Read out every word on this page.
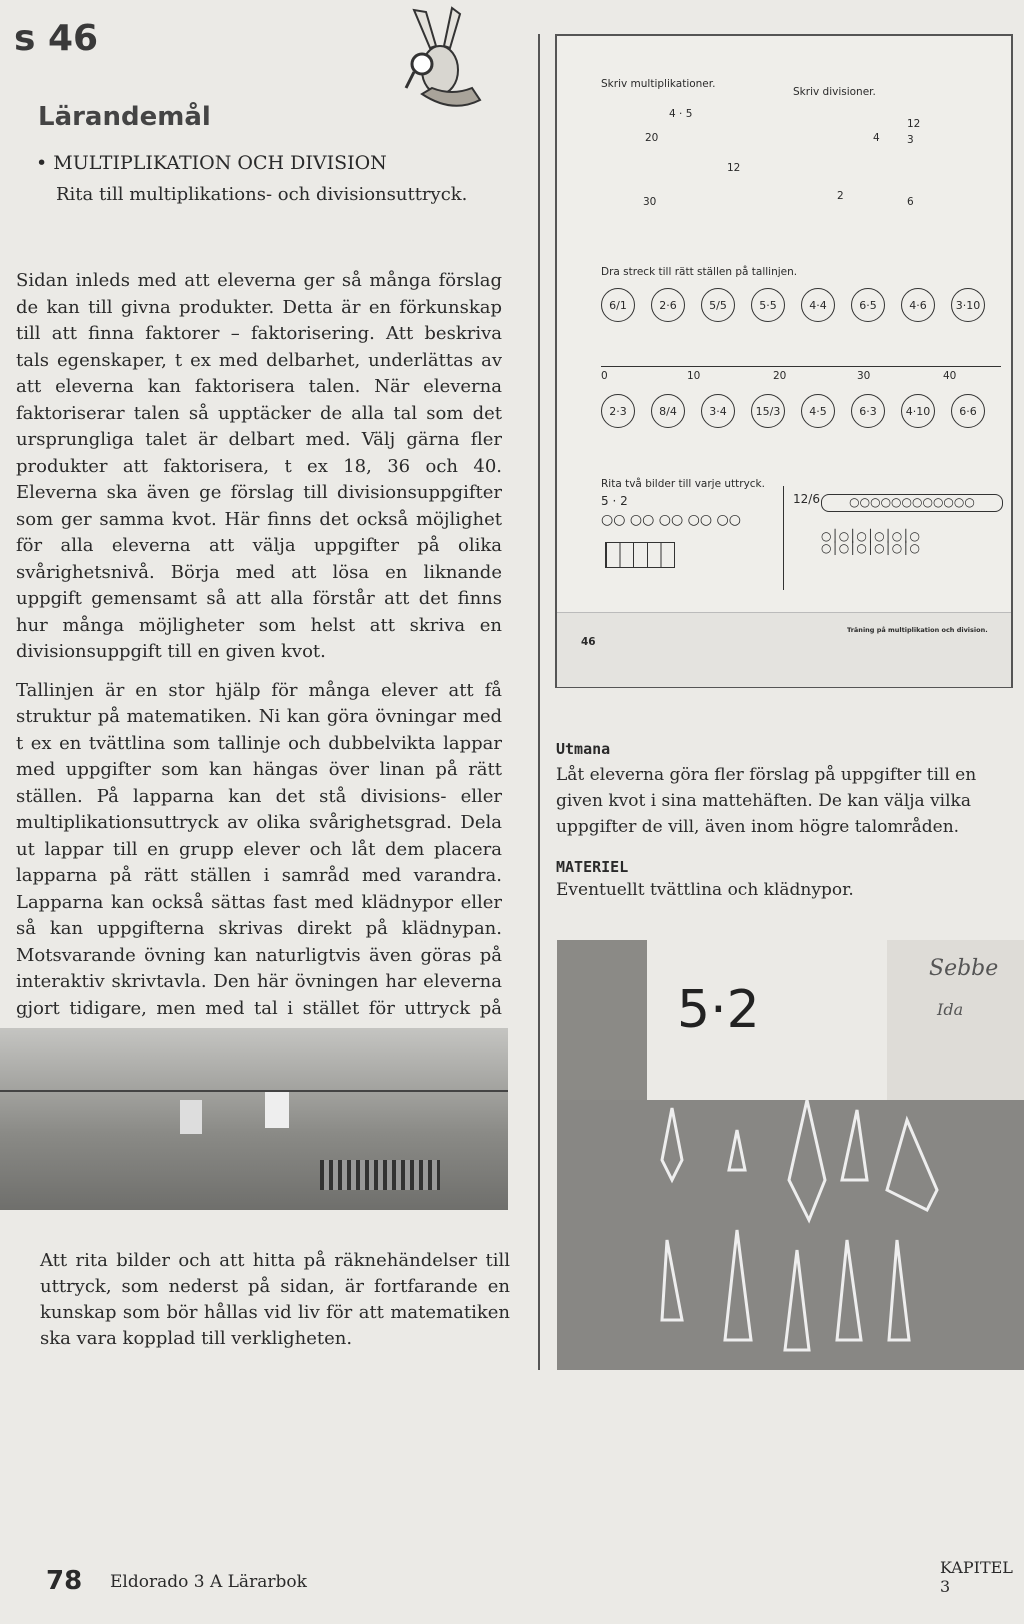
s 46
Lärandemål
• MULTIPLIKATION OCH DIVISION
Rita till multiplikations- och divisionsuttryck.

Sidan inleds med att eleverna ger så många förslag de kan till givna produkter. Detta är en förkunskap till att finna faktorer – faktorisering. Att beskriva tals egenskaper, t ex med delbarhet, underlättas av att eleverna kan faktorisera talen. När eleverna faktoriserar talen så upptäcker de alla tal som det ursprungliga talet är delbart med. Välj gärna fler produkter att faktorisera, t ex 18, 36 och 40. Eleverna ska även ge förslag till divisionsuppgifter som ger samma kvot. Här finns det också möjlighet för alla eleverna att välja uppgifter på olika svårighetsnivå. Börja med att lösa en liknande uppgift gemensamt så att alla förstår att det finns hur många möjligheter som helst att skriva en divisionsuppgift till en given kvot.

Tallinjen är en stor hjälp för många elever att få struktur på matematiken. Ni kan göra övningar med t ex en tvättlina som tallinje och dubbelvikta lappar med uppgifter som kan hängas över linan på rätt ställen. På lapparna kan det stå divisions- eller multiplikationsuttryck av olika svårighetsgrad. Dela ut lappar till en grupp elever och låt dem placera lapparna på rätt ställen i samråd med varandra. Lapparna kan också sättas fast med klädnypor eller så kan uppgifterna skrivas direkt på klädnypan. Motsvarande övning kan naturligtvis även göras på interaktiv skrivtavla. Den här övningen har eleverna gjort tidigare, men med tal i stället för uttryck på

Att rita bilder och att hitta på räknehändelser till uttryck, som nederst på sidan, är fortfarande en kunskap som bör hållas vid liv för att matematiken ska vara kopplad till verkligheten.
Skriv multiplikationer.
Skriv divisioner.
4 · 5
20
12
30
12
3
4
2	6
Dra streck till rätt ställen på tallinjen.
0	10	20	30	40
Rita två bilder till varje uttryck.
5 · 2
○○ ○○ ○○ ○○ ○○
12/6	○○○○○○○○○○○○
○│○│○│○│○│○
○│○│○│○│○│○
46
Träning på multiplikation och division.
6/1	2·6	5/5	5·5	4·4	6·5	4·6	3·10
2·3	8/4	3·4	15/3	4·5	6·3	4·10	6·6
Utmana
Låt eleverna göra fler förslag på uppgifter till en given kvot i sina mattehäften. De kan välja vilka uppgifter de vill, även inom högre talområden.
MATERIEL
Eventuellt tvättlina och klädnypor.
5·2
Sebbe
Ida
78 Eldorado 3 A Lärarbok
KAPITEL 3
